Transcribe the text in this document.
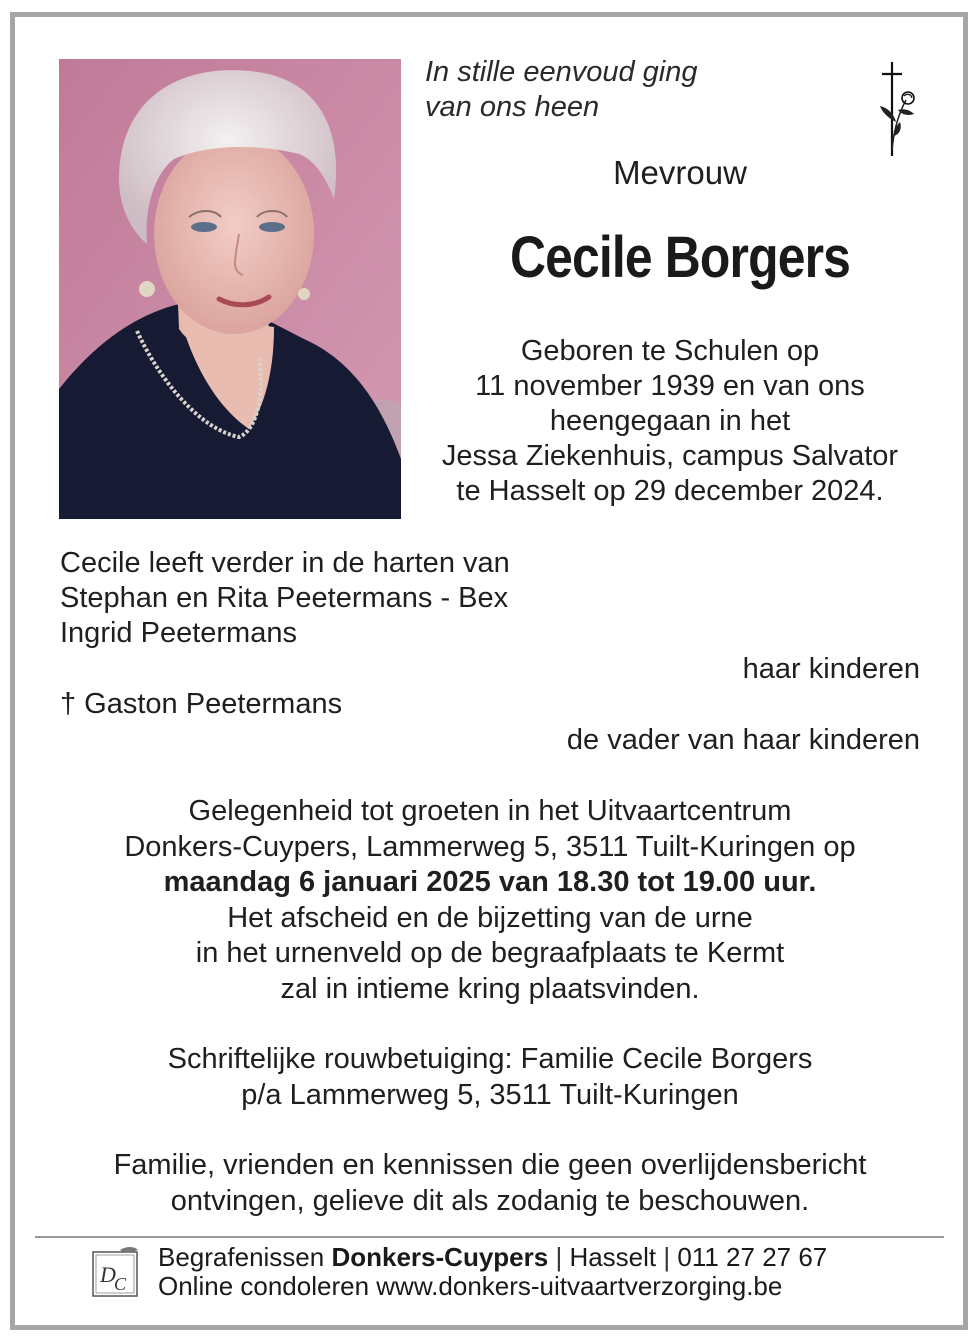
In stille eenvoud ging
van ons heen
Mevrouw
Cecile Borgers
Geboren te Schulen op
11 november 1939 en van ons
heengegaan in het
Jessa Ziekenhuis, campus Salvator
te Hasselt op 29 december 2024.
Cecile leeft verder in de harten van
Stephan en Rita Peetermans - Bex
Ingrid Peetermans
haar kinderen
† Gaston Peetermans
de vader van haar kinderen
Gelegenheid tot groeten in het Uitvaartcentrum
Donkers-Cuypers, Lammerweg 5, 3511 Tuilt-Kuringen op
maandag 6 januari 2025 van 18.30 tot 19.00 uur.
Het afscheid en de bijzetting van de urne
in het urnenveld op de begraafplaats te Kermt
zal in intieme kring plaatsvinden.
Schriftelijke rouwbetuiging: Familie Cecile Borgers
p/a Lammerweg 5, 3511 Tuilt-Kuringen
Familie, vrienden en kennissen die geen overlijdensbericht
ontvingen, gelieve dit als zodanig te beschouwen.
D
C
Begrafenissen Donkers-Cuypers | Hasselt | 011 27 27 67
Online condoleren www.donkers-uitvaartverzorging.be
